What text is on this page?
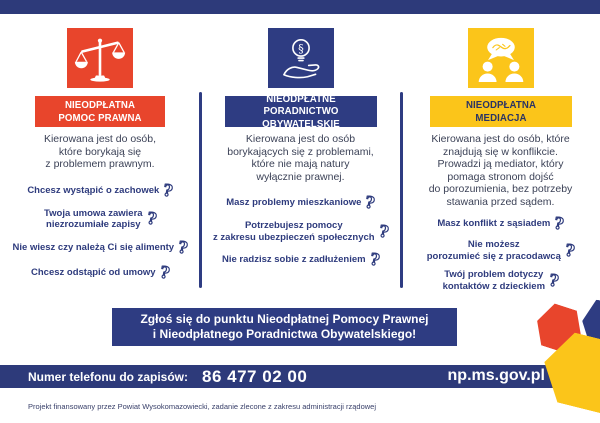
NIEODPŁATNA
POMOC PRAWNA
Kierowana jest do osób,
które borykają się
z problemem prawnym.
Chcesz wystąpić o zachowek ?
Twoja umowa zawiera
niezrozumiałe zapisy ?
Nie wiesz czy należą Ci się alimenty ?
Chcesz odstąpić od umowy ?
§
NIEODPŁATNE
PORADNICTWO OBYWATELSKIE
Kierowana jest do osób
borykających się z problemami,
które nie mają natury
wyłącznie prawnej.
Masz problemy mieszkaniowe ?
Potrzebujesz pomocy
z zakresu ubezpieczeń społecznych ?
Nie radzisz sobie z zadłużeniem ?
NIEODPŁATNA
MEDIACJA
Kierowana jest do osób, które
znajdują się w konflikcie.
Prowadzi ją mediator, który
pomaga stronom dojść
do porozumienia, bez potrzeby
stawania przed sądem.
Masz konflikt z sąsiadem ?
Nie możesz
porozumieć się z pracodawcą ?
Twój problem dotyczy
kontaktów z dzieckiem ?
Zgłoś się do punktu Nieodpłatnej Pomocy Prawnej
i Nieodpłatnego Poradnictwa Obywatelskiego!
Numer telefonu do zapisów: 86 477 02 00	np.ms.gov.pl
Projekt finansowany przez Powiat Wysokomazowiecki, zadanie zlecone z zakresu administracji rządowej
